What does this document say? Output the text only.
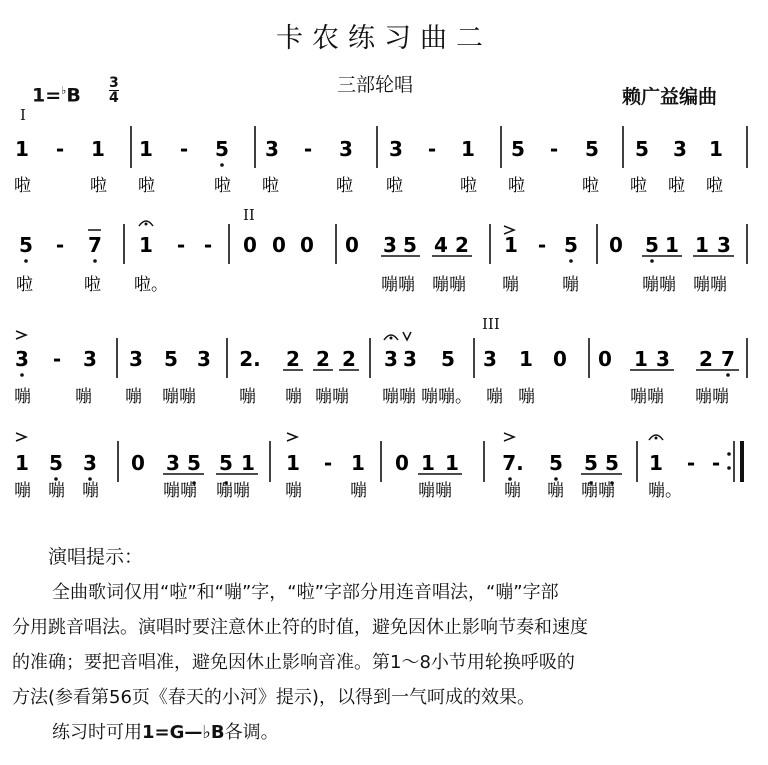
卡农练习曲二
1=♭B
3
4
三部轮唱
赖广益编曲
I
II
III
1 - 1 1 - 5 3 - 3 3 - 1 5 - 5 5 3 1
啦	啦 啦	啦 啦	啦 啦	啦 啦	啦 啦 啦 啦
5 - 7 1 - - 0 0 0 0 3 5 4 2 1 - 5 0 5 1 1 3
啦	啦 啦。	嘣嘣 嘣嘣 嘣	嘣	嘣嘣 嘣嘣
3 - 3 3 5 3 2. 2 2 2 3 3 5 3 1 0 0 1 3 2 7
嘣	嘣 嘣 嘣嘣	嘣 嘣 嘣嘣 嘣嘣 嘣嘣。 嘣 嘣	嘣嘣 嘣嘣
1 5 3 0 3 5 5 1 1 - 1 0 1 1 7. 5 5 5 1 - -
嘣 嘣 嘣	嘣嘣 嘣嘣 嘣	嘣	嘣嘣	嘣 嘣 嘣嘣 嘣。
演唱提示：
全曲歌词仅用“啦”和“嘣”字，“啦”字部分用连音唱法，“嘣”字部
分用跳音唱法。演唱时要注意休止符的时值，避免因休止影响节奏和速度
的准确；要把音唱准，避免因休止影响音准。第1～8小节用轮换呼吸的
方法(参看第56页《春天的小河》提示)，以得到一气呵成的效果。
练习时可用1=G—♭B各调。
